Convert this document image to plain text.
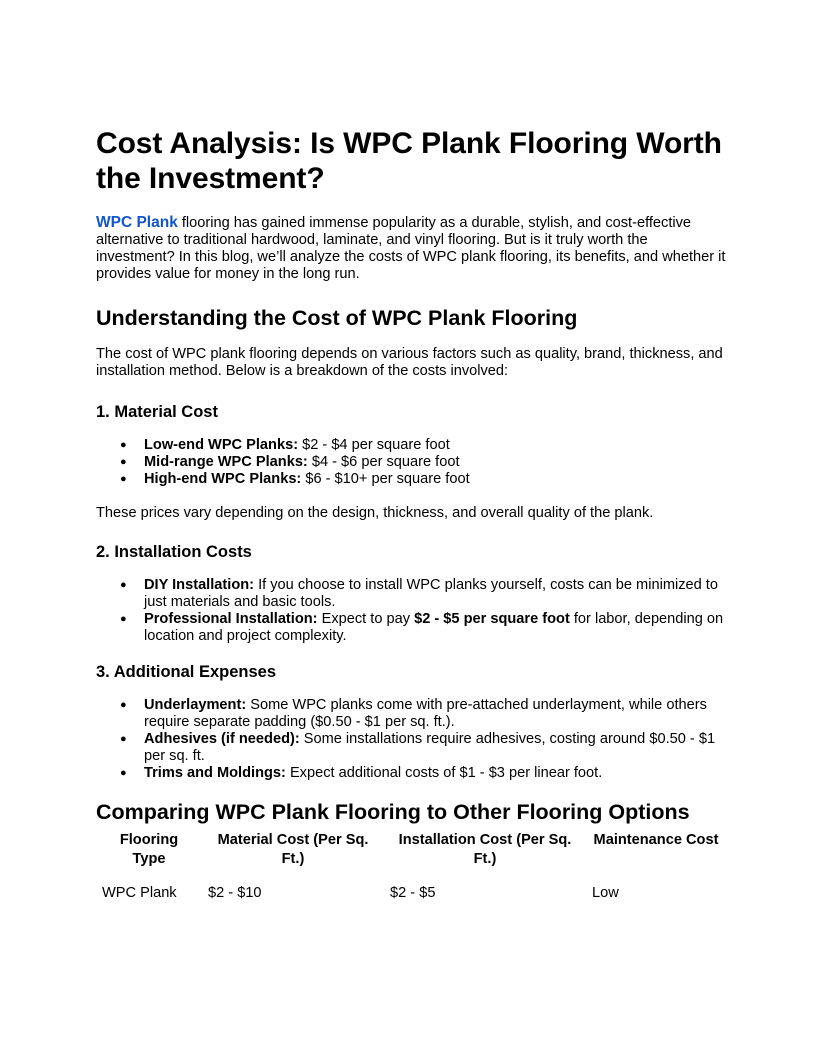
Cost Analysis: Is WPC Plank Flooring Worth the Investment?

WPC Plank flooring has gained immense popularity as a durable, stylish, and cost-effective alternative to traditional hardwood, laminate, and vinyl flooring. But is it truly worth the investment? In this blog, we’ll analyze the costs of WPC plank flooring, its benefits, and whether it provides value for money in the long run.

Understanding the Cost of WPC Plank Flooring

The cost of WPC plank flooring depends on various factors such as quality, brand, thickness, and installation method. Below is a breakdown of the costs involved:

1. Material Cost
● Low-end WPC Planks: $2 - $4 per square foot
● Mid-range WPC Planks: $4 - $6 per square foot
● High-end WPC Planks: $6 - $10+ per square foot

These prices vary depending on the design, thickness, and overall quality of the plank.

2. Installation Costs
● DIY Installation: If you choose to install WPC planks yourself, costs can be minimized to just materials and basic tools.
● Professional Installation: Expect to pay $2 - $5 per square foot for labor, depending on location and project complexity.
3. Additional Expenses
● Underlayment: Some WPC planks come with pre-attached underlayment, while others require separate padding ($0.50 - $1 per sq. ft.).
● Adhesives (if needed): Some installations require adhesives, costing around $0.50 - $1 per sq. ft.
● Trims and Moldings: Expect additional costs of $1 - $3 per linear foot.
Comparing WPC Plank Flooring to Other Flooring Options
Flooring Type	Material Cost (Per Sq. Ft.)	Installation Cost (Per Sq. Ft.)	Maintenance Cost
WPC Plank	$2 - $10	$2 - $5	Low
